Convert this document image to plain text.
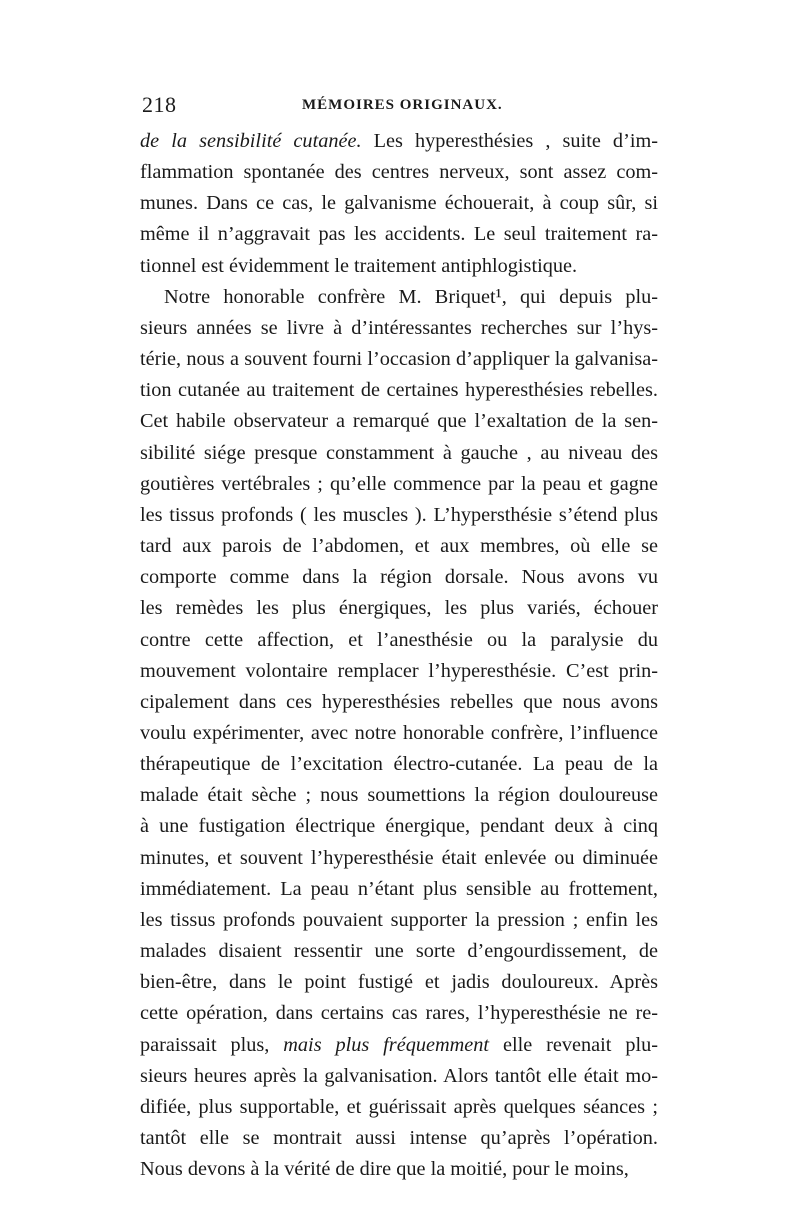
218	MÉMOIRES ORIGINAUX.
de la sensibilité cutanée. Les hyperesthésies , suite d’im-
flammation spontanée des centres nerveux, sont assez com-
munes. Dans ce cas, le galvanisme échouerait, à coup sûr, si
même il n’aggravait pas les accidents. Le seul traitement ra-
tionnel est évidemment le traitement antiphlogistique.
Notre honorable confrère M. Briquet¹, qui depuis plu-
sieurs années se livre à d’intéressantes recherches sur l’hys-
térie, nous a souvent fourni l’occasion d’appliquer la galvanisa-
tion cutanée au traitement de certaines hyperesthésies rebelles.
Cet habile observateur a remarqué que l’exaltation de la sen-
sibilité siége presque constamment à gauche , au niveau des
goutières vertébrales ; qu’elle commence par la peau et gagne
les tissus profonds ( les muscles ). L’hypersthésie s’étend plus
tard aux parois de l’abdomen, et aux membres, où elle se
comporte comme dans la région dorsale. Nous avons vu
les remèdes les plus énergiques, les plus variés, échouer
contre cette affection, et l’anesthésie ou la paralysie du
mouvement volontaire remplacer l’hyperesthésie. C’est prin-
cipalement dans ces hyperesthésies rebelles que nous avons
voulu expérimenter, avec notre honorable confrère, l’influence
thérapeutique de l’excitation électro-cutanée. La peau de la
malade était sèche ; nous soumettions la région douloureuse
à une fustigation électrique énergique, pendant deux à cinq
minutes, et souvent l’hyperesthésie était enlevée ou diminuée
immédiatement. La peau n’étant plus sensible au frottement,
les tissus profonds pouvaient supporter la pression ; enfin les
malades disaient ressentir une sorte d’engourdissement, de
bien-être, dans le point fustigé et jadis douloureux. Après
cette opération, dans certains cas rares, l’hyperesthésie ne re-
paraissait plus, mais plus fréquemment elle revenait plu-
sieurs heures après la galvanisation. Alors tantôt elle était mo-
difiée, plus supportable, et guérissait après quelques séances ;
tantôt elle se montrait aussi intense qu’après l’opération.
Nous devons à la vérité de dire que la moitié, pour le moins,
